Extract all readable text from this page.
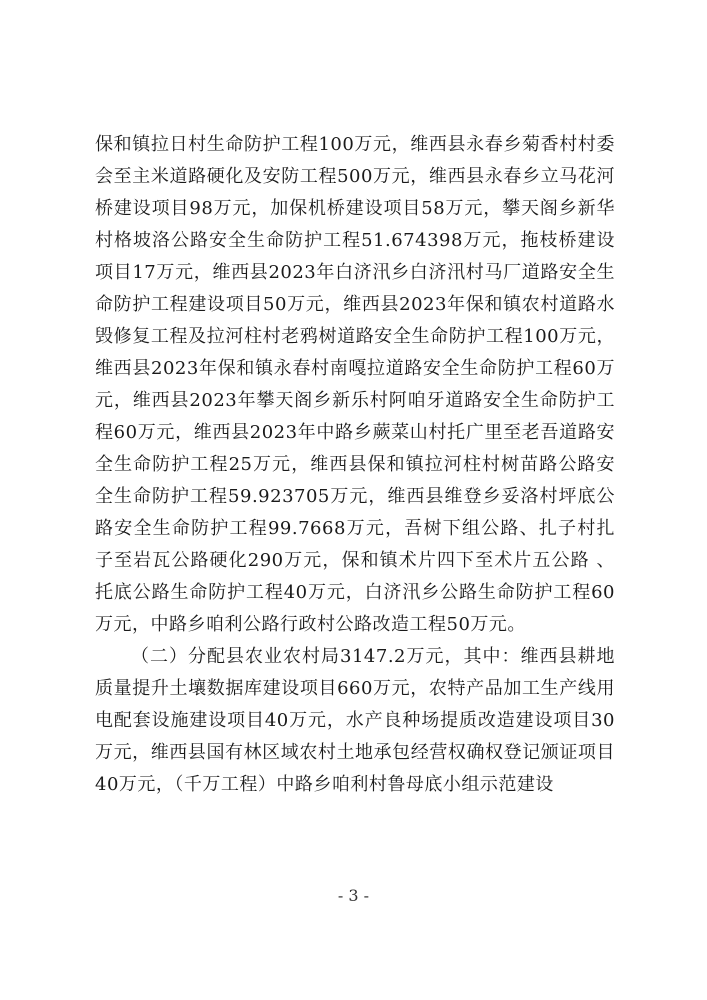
保和镇拉日村生命防护工程100万元，维西县永春乡菊香村村委会至主米道路硬化及安防工程500万元，维西县永春乡立马花河桥建设项目98万元，加保机桥建设项目58万元，攀天阁乡新华村格坡洛公路安全生命防护工程51.674398万元，拖枝桥建设项目17万元，维西县2023年白济汛乡白济汛村马厂道路安全生命防护工程建设项目50万元，维西县2023年保和镇农村道路水毁修复工程及拉河柱村老鸦树道路安全生命防护工程100万元，维西县2023年保和镇永春村南嘎拉道路安全生命防护工程60万元，维西县2023年攀天阁乡新乐村阿咱牙道路安全生命防护工程60万元，维西县2023年中路乡蕨菜山村托广里至老吾道路安全生命防护工程25万元，维西县保和镇拉河柱村树苗路公路安全生命防护工程59.923705万元，维西县维登乡妥洛村坪底公路安全生命防护工程99.7668万元，吾树下组公路、扎子村扎子至岩瓦公路硬化290万元，保和镇术片四下至术片五公路 、托底公路生命防护工程40万元，白济汛乡公路生命防护工程60万元，中路乡咱利公路行政村公路改造工程50万元。

（二）分配县农业农村局3147.2万元，其中：维西县耕地质量提升土壤数据库建设项目660万元，农特产品加工生产线用电配套设施建设项目40万元，水产良种场提质改造建设项目30万元，维西县国有林区域农村土地承包经营权确权登记颁证项目40万元，（千万工程）中路乡咱利村鲁母底小组示范建设

- 3 -
